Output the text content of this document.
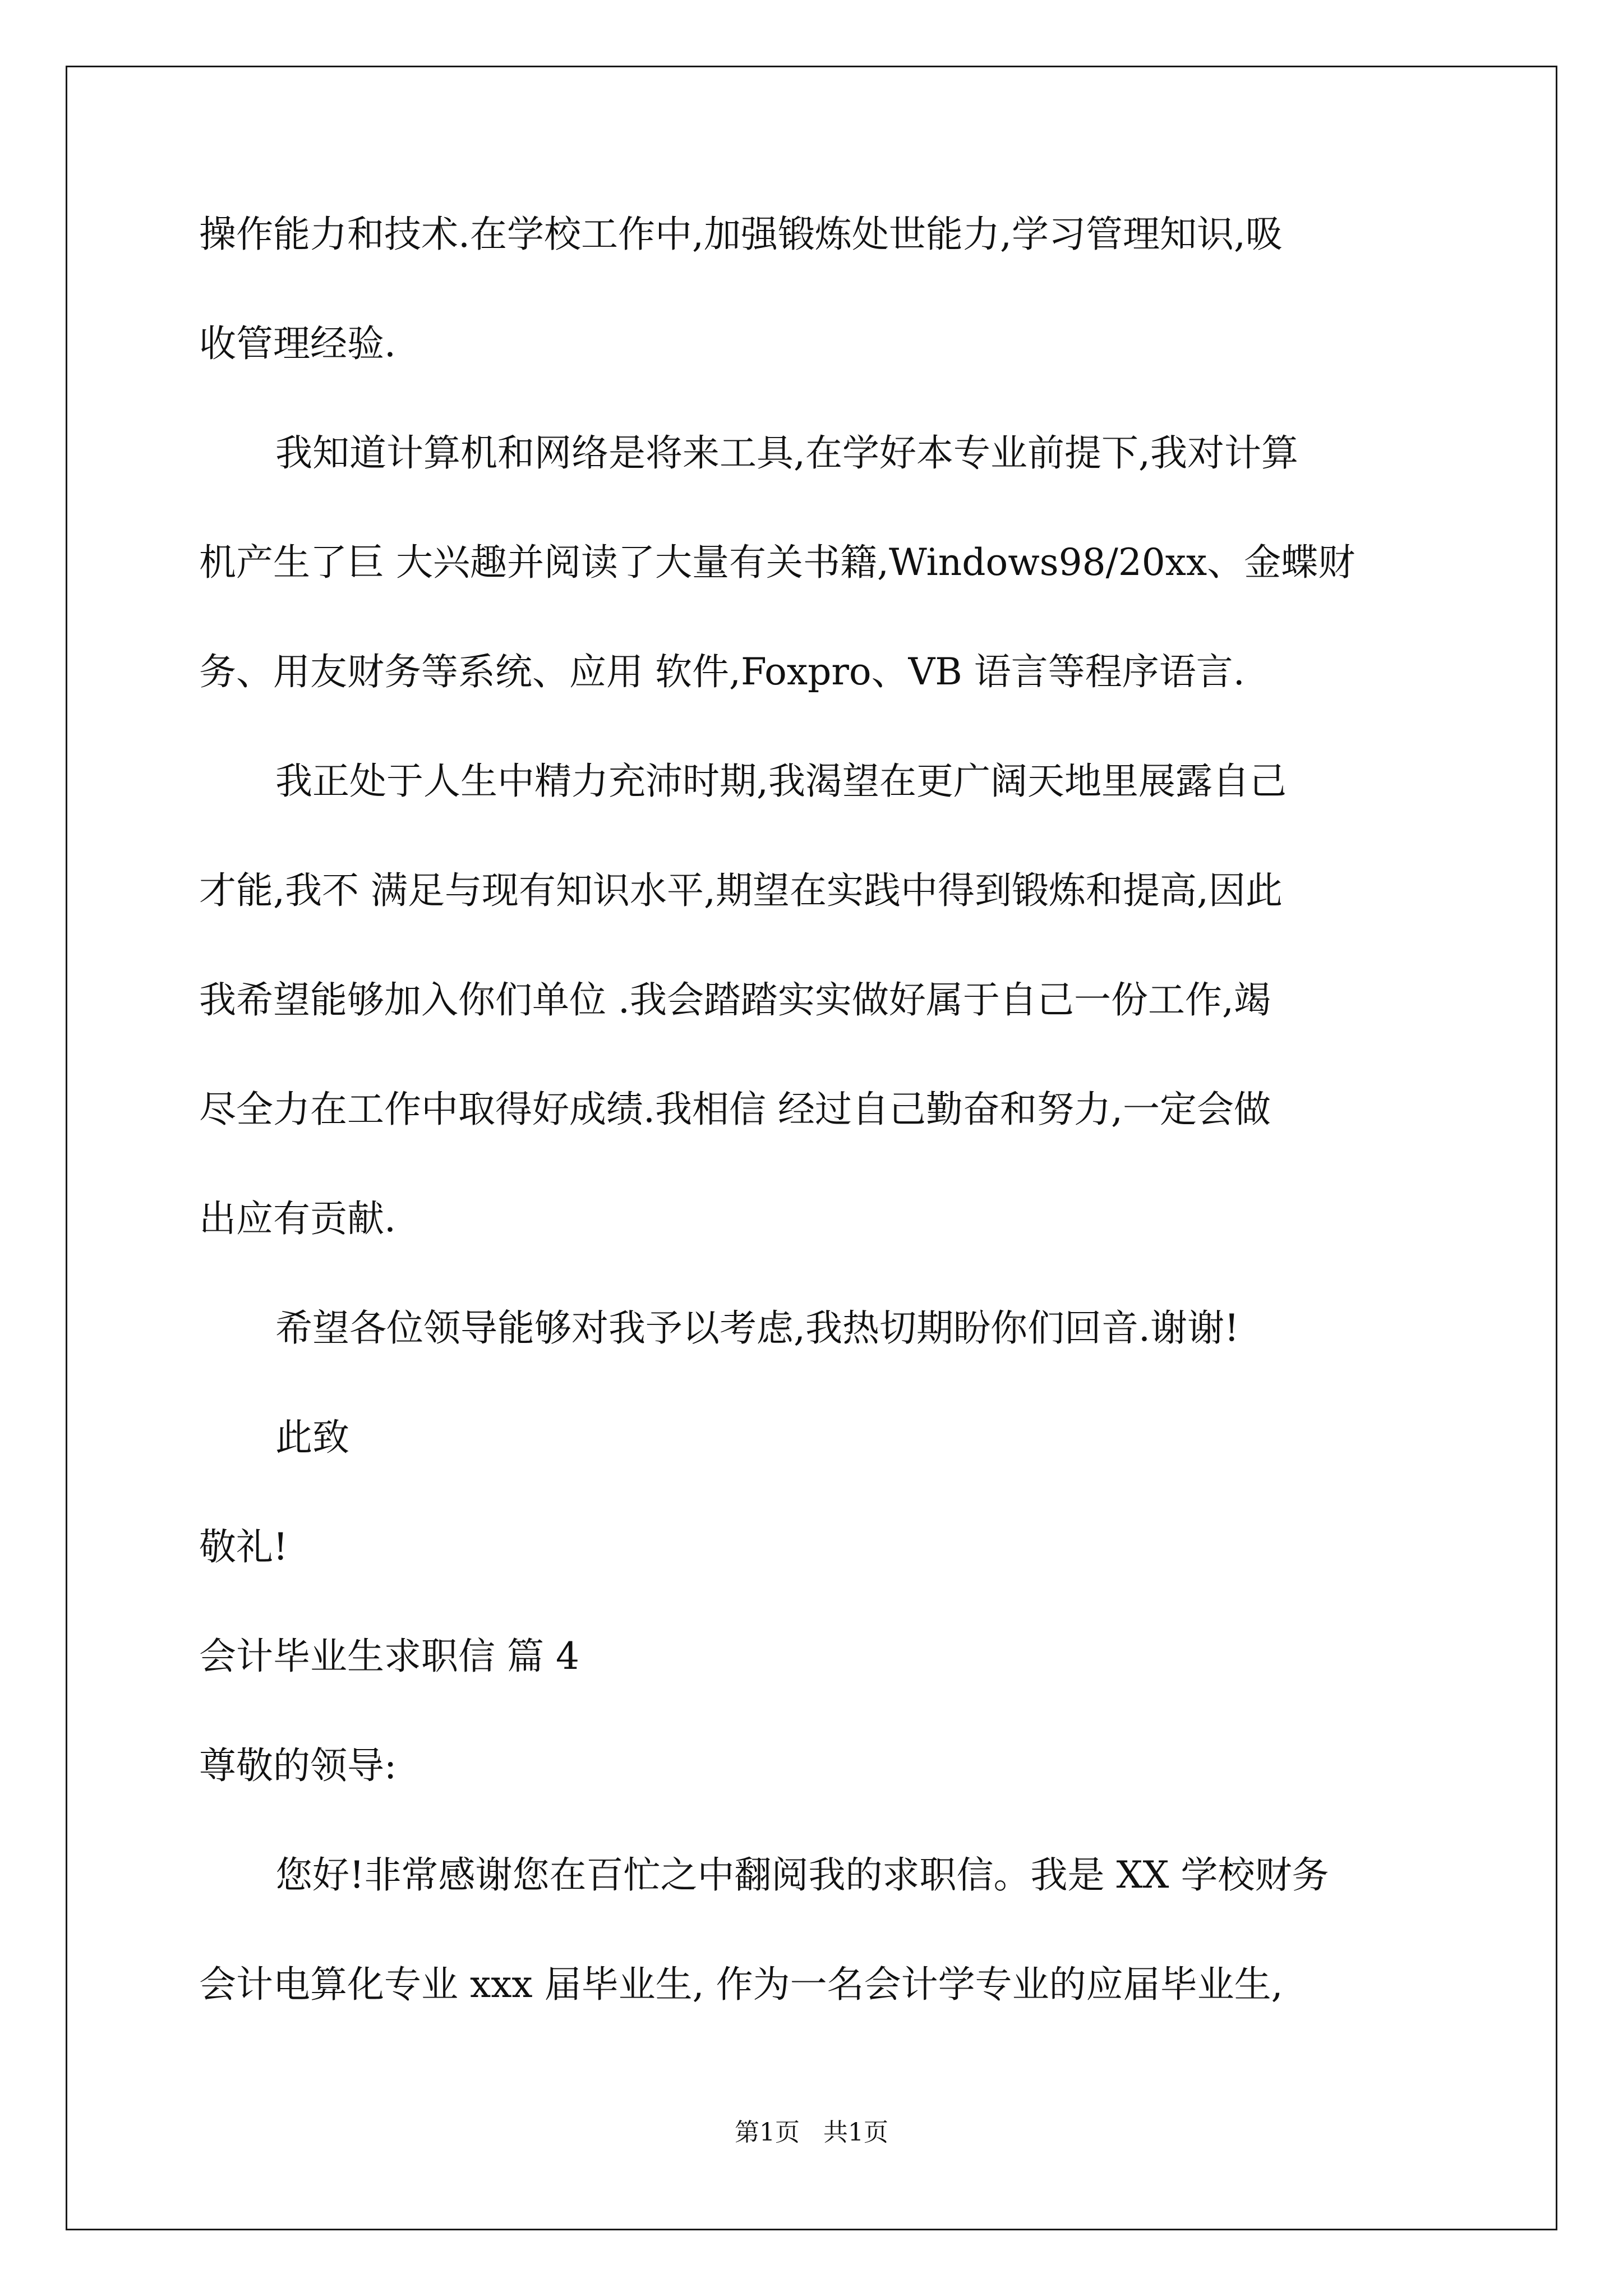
操作能力和技术.在学校工作中,加强锻炼处世能力,学习管理知识,吸
收管理经验.
我知道计算机和网络是将来工具,在学好本专业前提下,我对计算
机产生了巨 大兴趣并阅读了大量有关书籍,Windows98/20xx、金蝶财
务、用友财务等系统、应用 软件,Foxpro、VB 语言等程序语言.
我正处于人生中精力充沛时期,我渴望在更广阔天地里展露自己
才能,我不 满足与现有知识水平,期望在实践中得到锻炼和提高,因此
我希望能够加入你们单位 .我会踏踏实实做好属于自己一份工作,竭
尽全力在工作中取得好成绩.我相信 经过自己勤奋和努力,一定会做
出应有贡献.
希望各位领导能够对我予以考虑,我热切期盼你们回音.谢谢!
此致
敬礼!
会计毕业生求职信 篇 4
尊敬的领导:
您好!非常感谢您在百忙之中翻阅我的求职信。我是 XX 学校财务
会计电算化专业 xxx 届毕业生, 作为一名会计学专业的应届毕业生,
第1页 共1页
